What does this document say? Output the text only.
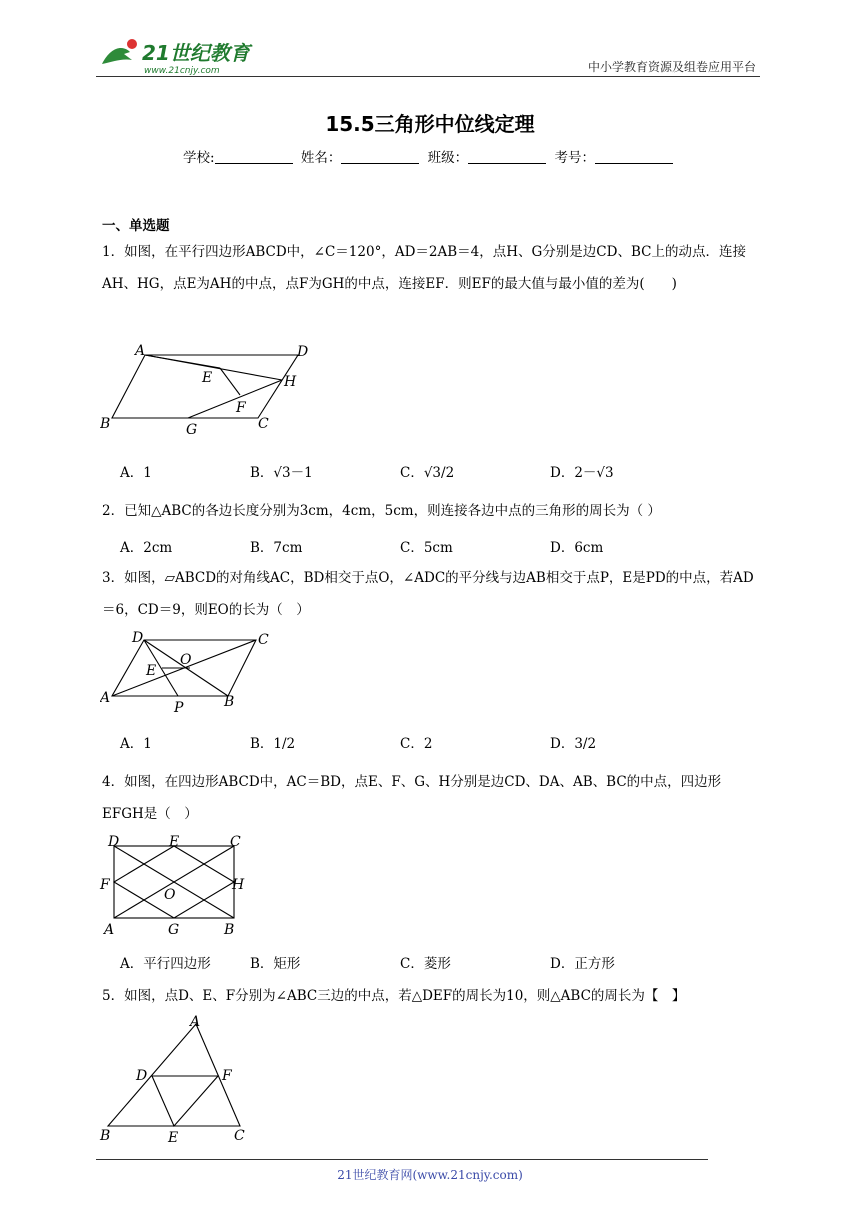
21世纪教育
www.21cnjy.com	中小学教育资源及组卷应用平台
15.5三角形中位线定理
学校:	姓名：	班级：	考号：
一、单选题
1．如图，在平行四边形ABCD中，∠C＝120°，AD＝2AB＝4，点H、G分别是边CD、BC上的动点．连接AH、HG，点E为AH的中点，点F为GH的中点，连接EF．则EF的最大值与最小值的差为(　　)
A	D
E	H
F
B	G	C
A．1	B．√3－1	C．√3/2	D．2－√3
2．已知△ABC的各边长度分别为3cm，4cm，5cm，则连接各边中点的三角形的周长为（ ）
A．2cm	B．7cm	C．5cm	D．6cm
3．如图，▱ABCD的对角线AC，BD相交于点O，∠ADC的平分线与边AB相交于点P，E是PD的中点，若AD＝6，CD＝9，则EO的长为（　）
D	C
O
E
A
P	B
A．1	B．1/2	C．2	D．3/2
4．如图，在四边形ABCD中，AC＝BD，点E、F、G、H分别是边CD、DA、AB、BC的中点，四边形EFGH是（　）
D	E	C
F
O
H
A	G	B
A．平行四边形	B．矩形	C．菱形	D．正方形
5．如图，点D、E、F分别为∠ABC三边的中点，若△DEF的周长为10，则△ABC的周长为【　】
A
D	F
B	E	C
21世纪教育网(www.21cnjy.com)
